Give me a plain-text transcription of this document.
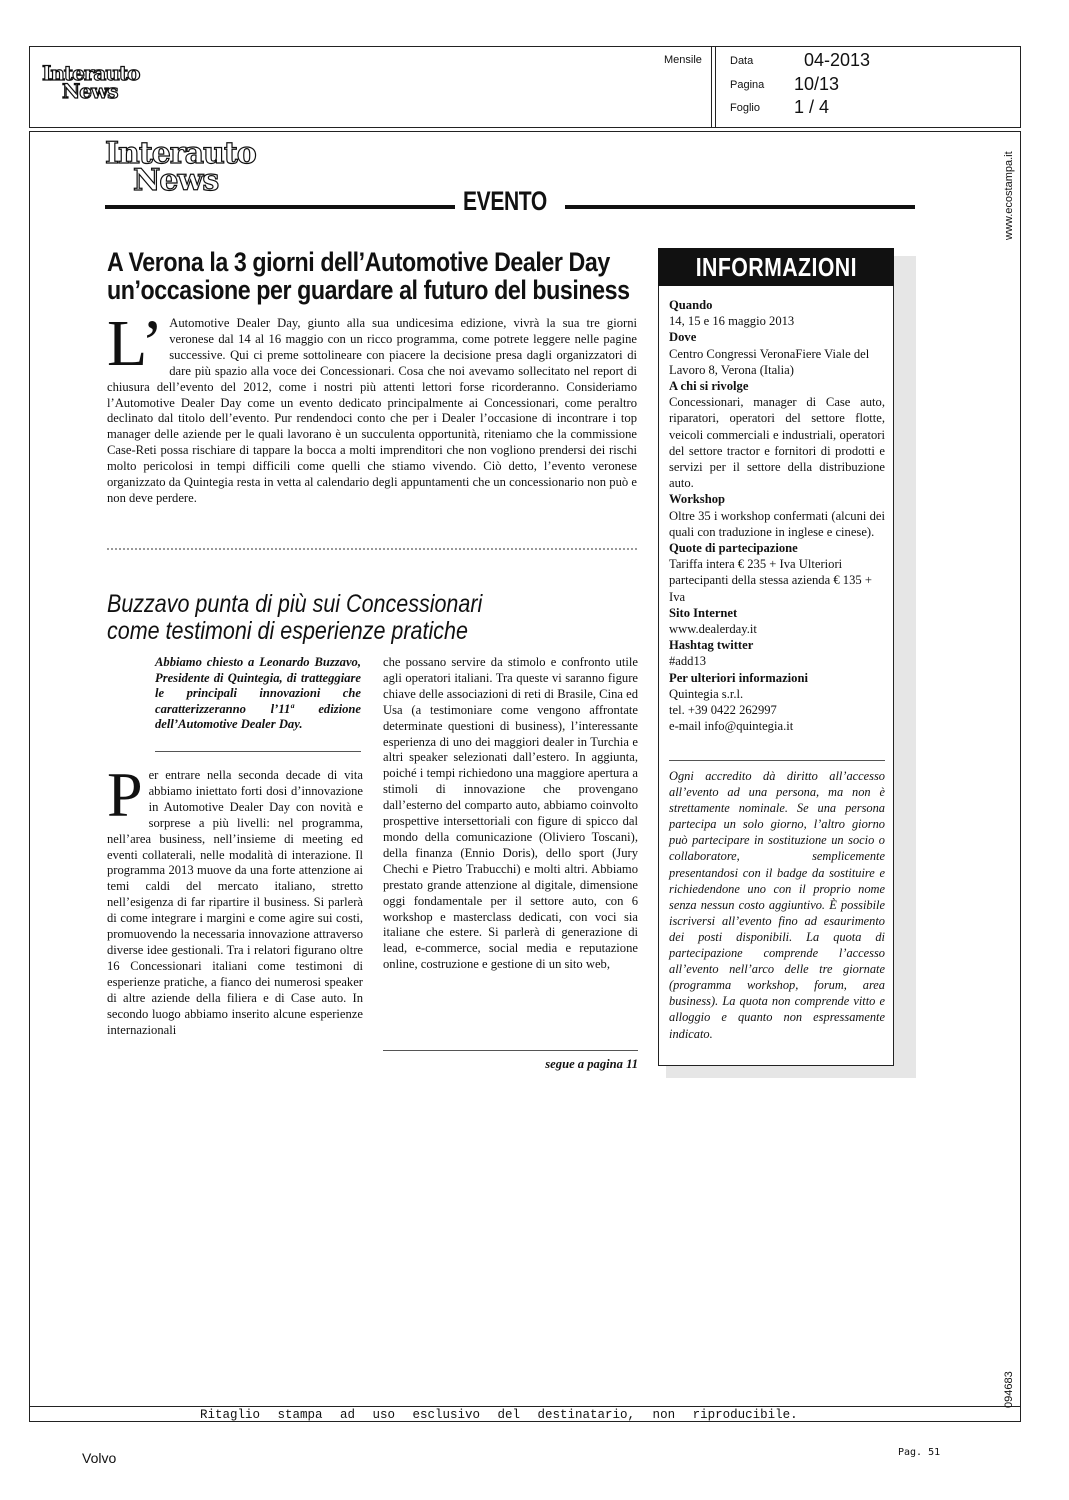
Interauto
News
Mensile	Data	04-2013
Pagina 10/13
Foglio 1 / 4
www.ecostampa.it
094683
Interauto
News
EVENTO
A Verona la 3 giorni dell’Automotive Dealer Day
un’occasione per guardare al futuro del business
L’ Automotive Dealer Day, giunto alla sua undicesima edizione, vivrà la sua tre giorni veronese dal 14 al 16 maggio con un ricco programma, come potrete leggere nelle pagine successive. Qui ci preme sottolineare con piacere la decisione presa dagli organizzatori di dare più spazio alla voce dei Concessionari. Cosa che noi avevamo sollecitato nel report di chiusura dell’evento del 2012, come i nostri più attenti lettori forse ricorderanno. Consideriamo l’Automotive Dealer Day come un evento dedicato principalmente ai Concessionari, come peraltro declinato dal titolo dell’evento. Pur rendendoci conto che per i Dealer l’occasione di incontrare i top manager delle aziende per le quali lavorano è un succulenta opportunità, riteniamo che la commissione Case-Reti possa rischiare di tappare la bocca a molti imprenditori che non vogliono prendersi dei rischi molto pericolosi in tempi difficili come quelli che stiamo vivendo. Ciò detto, l’evento veronese organizzato da Quintegia resta in vetta al calendario degli appuntamenti che un concessionario non può e non deve perdere.
Buzzavo punta di più sui Concessionari
come testimoni di esperienze pratiche
Abbiamo chiesto a Leonardo Buzzavo, Presidente di Quintegia, di tratteggiare le principali innovazioni che caratterizzeranno l’11ª edizione dell’Automotive Dealer Day.
Per entrare nella seconda decade di vita abbiamo iniettato forti dosi d’innovazione in Automotive Dealer Day con novità e sorprese a più livelli: nel programma, nell’area business, nell’insieme di meeting ed eventi collaterali, nelle modalità di interazione. Il programma 2013 muove da una forte attenzione ai temi caldi del mercato italiano, stretto nell’esigenza di far ripartire il business. Si parlerà di come integrare i margini e come agire sui costi, promuovendo la necessaria innovazione attraverso diverse idee gestionali. Tra i relatori figurano oltre 16 Concessionari italiani come testimoni di esperienze pratiche, a fianco dei numerosi speaker di altre aziende della filiera e di Case auto. In secondo luogo abbiamo inserito alcune esperienze internazionali
che possano servire da stimolo e confronto utile agli operatori italiani. Tra queste vi saranno figure chiave delle associazioni di reti di Brasile, Cina ed Usa (a testimoniare come vengono affrontate determinate questioni di business), l’interessante esperienza di uno dei maggiori dealer in Turchia e altri speaker selezionati dall’estero. In aggiunta, poiché i tempi richiedono una maggiore apertura a stimoli di innovazione che provengano dall’esterno del comparto auto, abbiamo coinvolto prospettive intersettoriali con figure di spicco dal mondo della comunicazione (Oliviero Toscani), della finanza (Ennio Doris), dello sport (Jury Chechi e Pietro Trabucchi) e molti altri. Abbiamo prestato grande attenzione al digitale, dimensione oggi fondamentale per il settore auto, con 6 workshop e masterclass dedicati, con voci sia italiane che estere. Si parlerà di generazione di lead, e-commerce, social media e reputazione online, costruzione e gestione di un sito web,
segue a pagina 11
INFORMAZIONI

Quando

14, 15 e 16 maggio 2013

Dove

Centro Congressi VeronaFiere Viale del Lavoro 8, Verona (Italia)

A chi si rivolge

Concessionari, manager di Case auto, riparatori, operatori del settore flotte, veicoli commerciali e industriali, operatori del settore tractor e fornitori di prodotti e servizi per il settore della distribuzione auto.

Workshop

Oltre 35 i workshop confermati (alcuni dei quali con traduzione in inglese e cinese).

Quote di partecipazione

Tariffa intera € 235 + Iva Ulteriori partecipanti della stessa azienda € 135 + Iva

Sito Internet

www.dealerday.it

Hashtag twitter

#add13

Per ulteriori informazioni

Quintegia s.r.l.

tel. +39 0422 262997

e-mail info@quintegia.it

Ogni accredito dà diritto all’accesso all’evento ad una persona, ma non è strettamente nominale. Se una persona partecipa un solo giorno, l’altro giorno può partecipare in sostituzione un socio o collaboratore, semplicemente presentandosi con il badge da sostituire e richiedendone uno con il proprio nome senza nessun costo aggiuntivo. È possibile iscriversi all’evento fino ad esaurimento dei posti disponibili. La quota di partecipazione comprende l’accesso all’evento nell’arco delle tre giornate (programma workshop, forum, area business). La quota non comprende vitto e alloggio e quanto non espressamente indicato.
Ritaglio stampa ad uso esclusivo del destinatario, non riproducibile.
Volvo	Pag. 51
